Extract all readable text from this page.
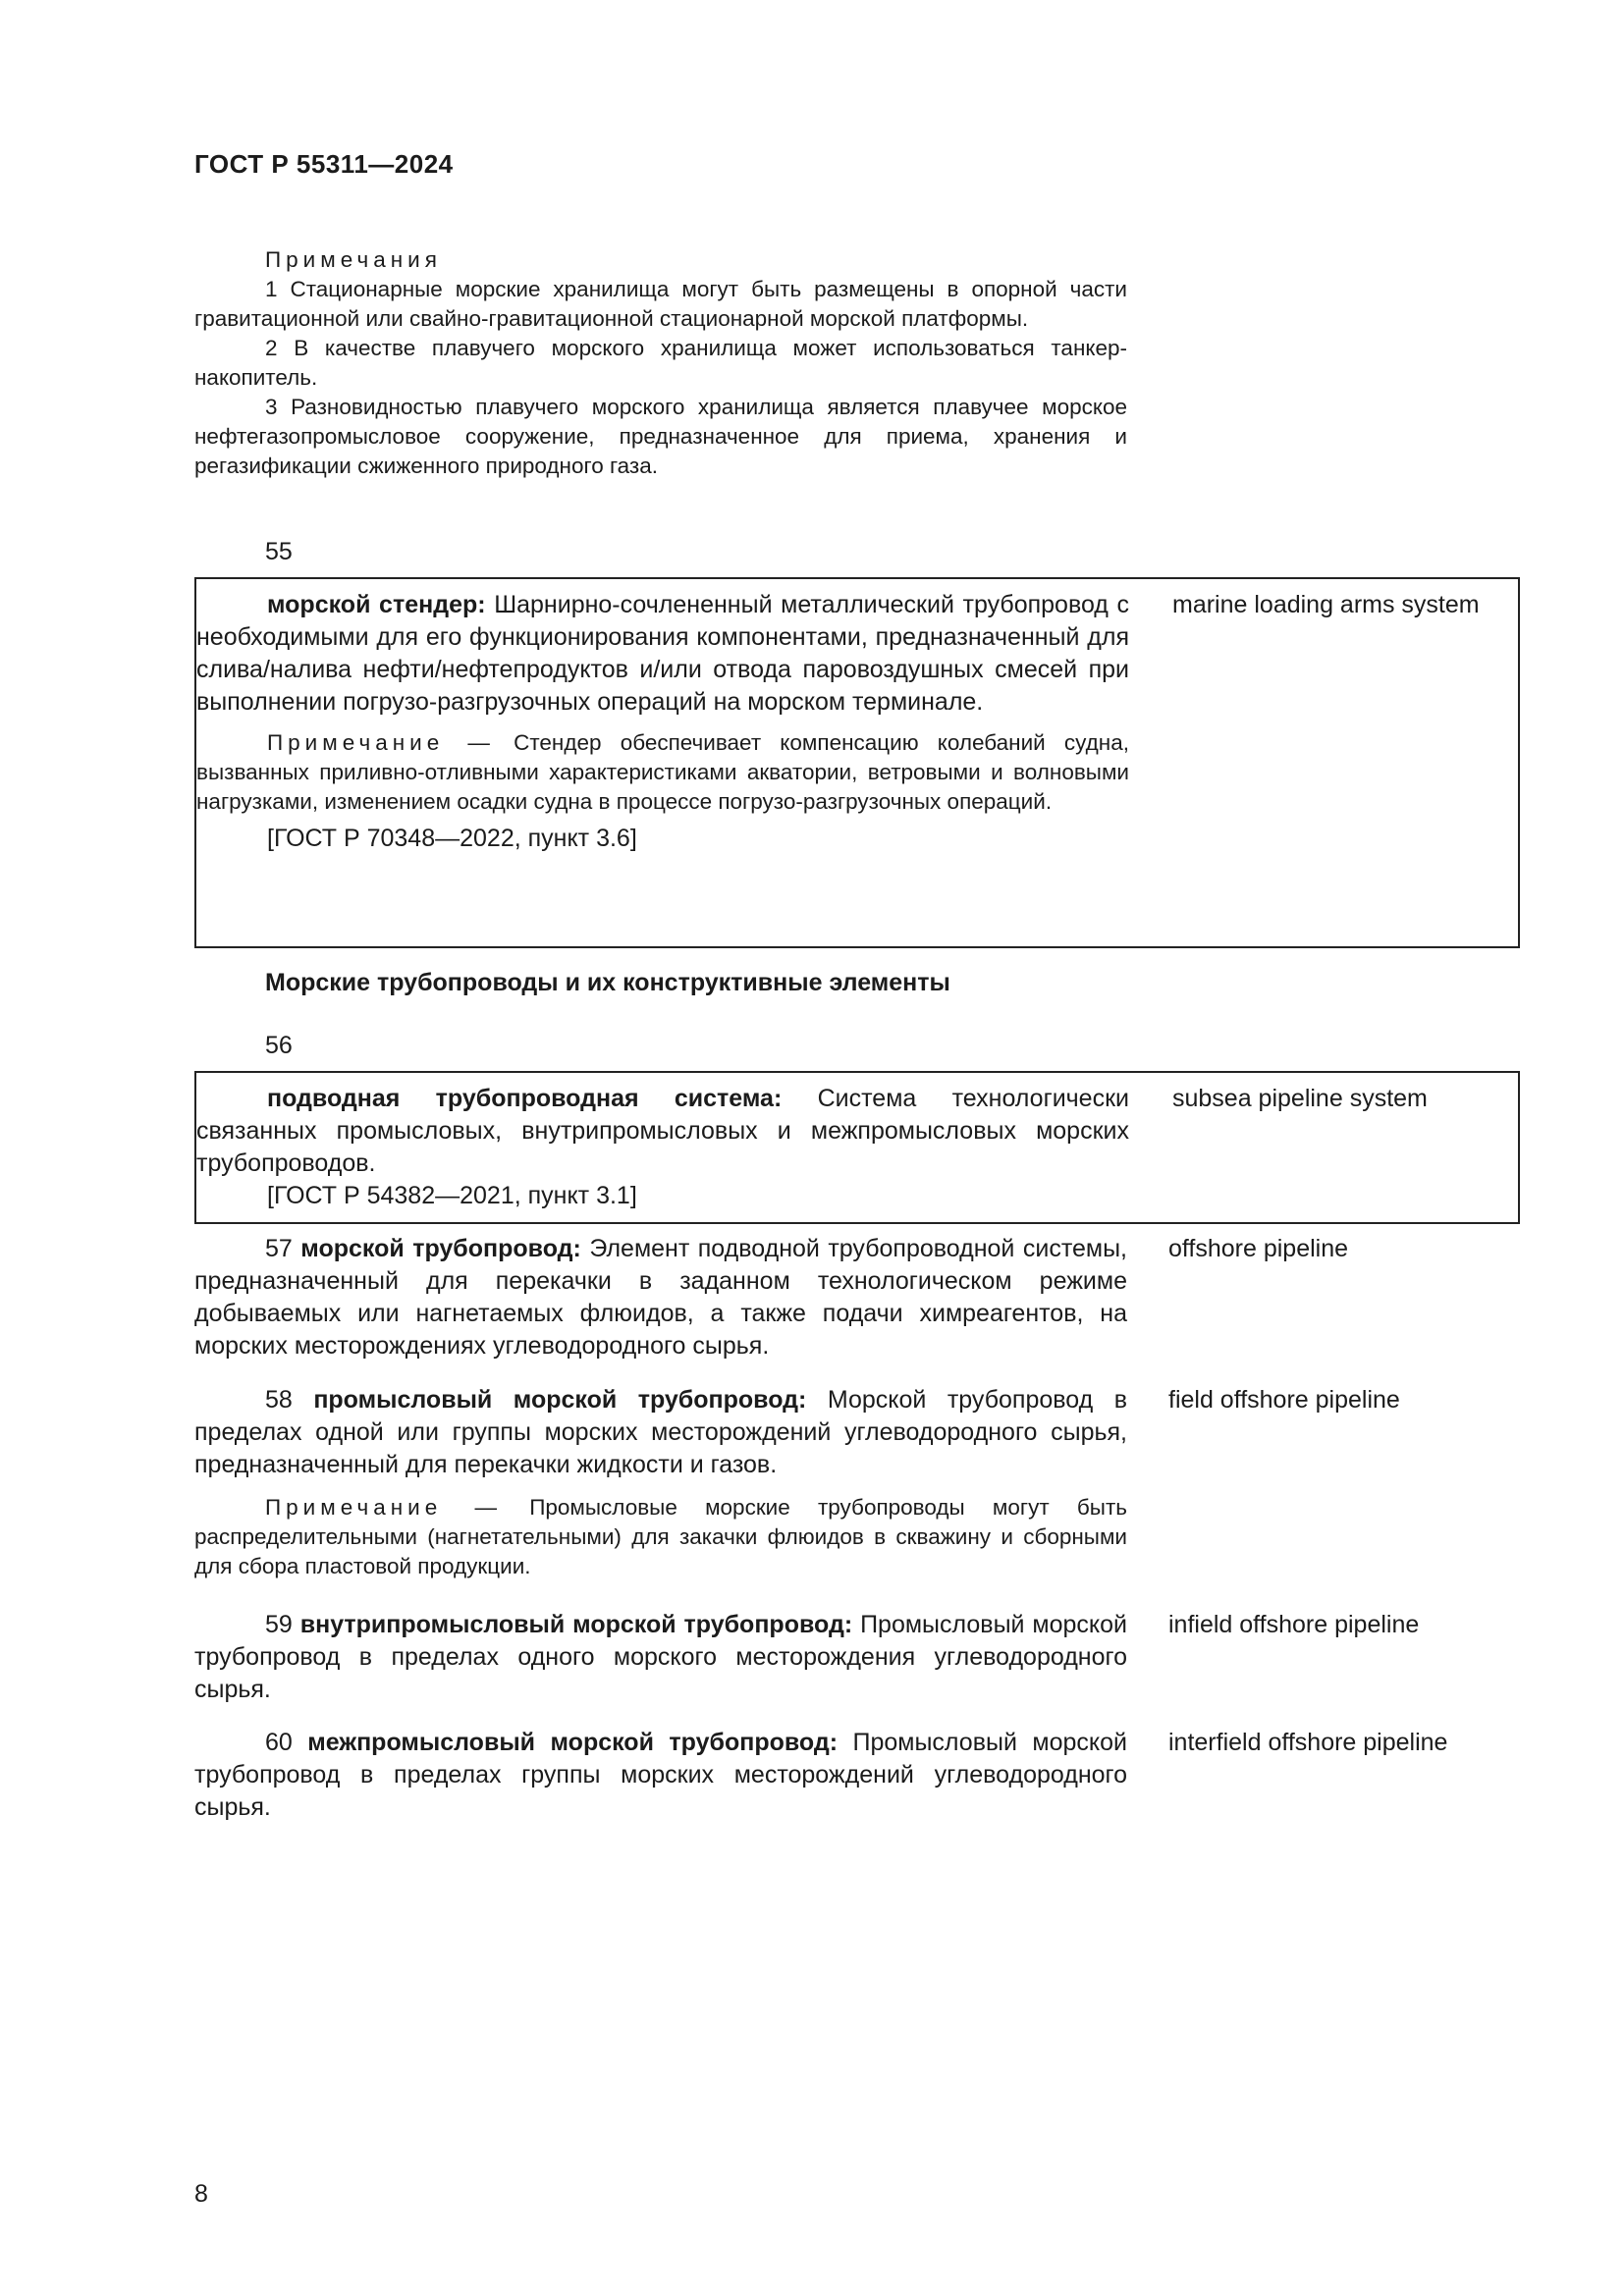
ГОСТ Р 55311—2024

Примечания

1 Стационарные морские хранилища могут быть размещены в опорной части гравитационной или свайно-гравитационной стационарной морской платформы.

2 В качестве плавучего морского хранилища может использоваться танкер-накопитель.

3 Разновидностью плавучего морского хранилища является плавучее морское нефтегазопромысловое сооружение, предназначенное для приема, хранения и регазификации сжиженного природного газа.

55

морской стендер: Шарнирно-сочлененный металлический трубопровод с необходимыми для его функционирования компонентами, предназначенный для слива/налива нефти/нефтепродуктов и/или отвода паровоздушных смесей при выполнении погрузо-разгрузочных операций на морском терминале.

Примечание — Стендер обеспечивает компенсацию колебаний судна, вызванных приливно-отливными характеристиками акватории, ветровыми и волновыми нагрузками, изменением осадки судна в процессе погрузо-разгрузочных операций.

[ГОСТ Р 70348—2022, пункт 3.6]

marine loading arms system
Морские трубопроводы и их конструктивные элементы
56

подводная трубопроводная система: Система технологически связанных промысловых, внутрипромысловых и межпромысловых морских трубопроводов.

[ГОСТ Р 54382—2021, пункт 3.1]

subsea pipeline system

57 морской трубопровод: Элемент подводной трубопроводной системы, предназначенный для перекачки в заданном технологическом режиме добываемых или нагнетаемых флюидов, а также подачи химреагентов, на морских месторождениях углеводородного сырья.

offshore pipeline

58 промысловый морской трубопровод: Морской трубопровод в пределах одной или группы морских месторождений углеводородного сырья, предназначенный для перекачки жидкости и газов.

Примечание — Промысловые морские трубопроводы могут быть распределительными (нагнетательными) для закачки флюидов в скважину и сборными для сбора пластовой продукции.

field offshore pipeline

59 внутрипромысловый морской трубопровод: Промысловый морской трубопровод в пределах одного морского месторождения углеводородного сырья.

infield offshore pipeline

60 межпромысловый морской трубопровод: Промысловый морской трубопровод в пределах группы морских месторождений углеводородного сырья.

interfield offshore pipeline
8
